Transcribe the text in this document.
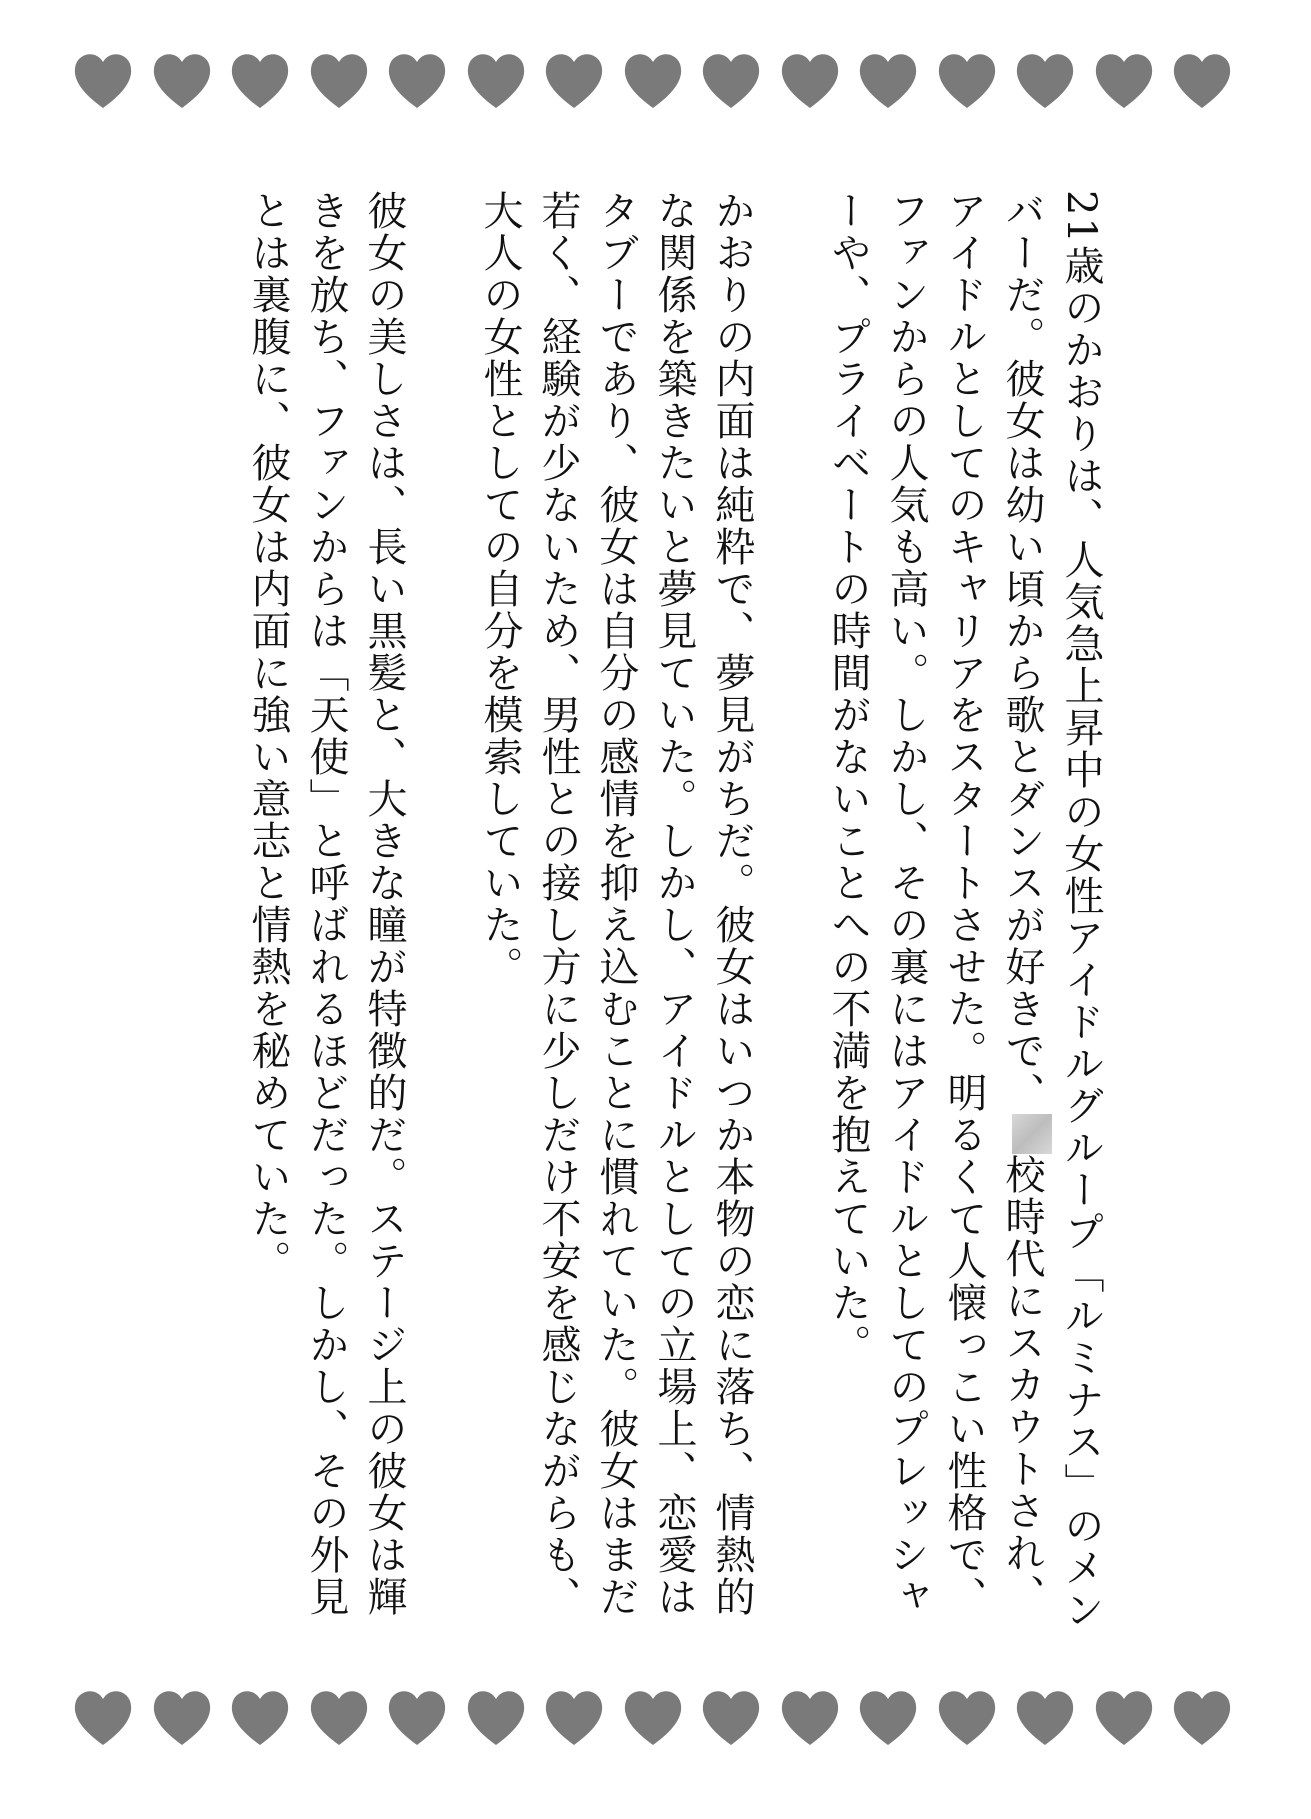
21歳のかおりは、人気急上昇中の女性アイドルグループ「ルミナス」のメンバーだ。彼女は幼い頃から歌とダンスが好きで、校時代にスカウトされ、アイドルとしてのキャリアをスタートさせた。明るくて人懐っこい性格で、ファンからの人気も高い。しかし、その裏にはアイドルとしてのプレッシャーや、プライベートの時間がないことへの不満を抱えていた。

かおりの内面は純粋で、夢見がちだ。彼女はいつか本物の恋に落ち、情熱的な関係を築きたいと夢見ていた。しかし、アイドルとしての立場上、恋愛はタブーであり、彼女は自分の感情を抑え込むことに慣れていた。彼女はまだ若く、経験が少ないため、男性との接し方に少しだけ不安を感じながらも、大人の女性としての自分を模索していた。

彼女の美しさは、長い黒髪と、大きな瞳が特徴的だ。ステージ上の彼女は輝きを放ち、ファンからは「天使」と呼ばれるほどだった。しかし、その外見とは裏腹に、彼女は内面に強い意志と情熱を秘めていた。
